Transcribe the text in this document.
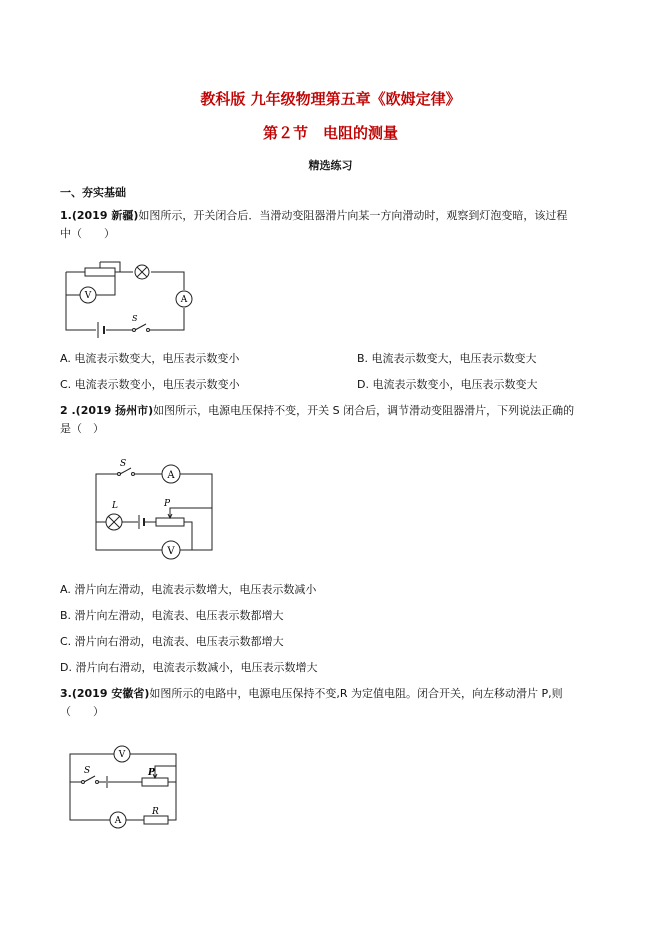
教科版 九年级物理第五章《欧姆定律》
第２节　电阻的测量
精选练习
一、夯实基础
1.(2019 新疆)如图所示，开关闭合后．当滑动变阻器滑片向某一方向滑动时，观察到灯泡变暗，该过程
中（　　）
A
V
S
A. 电流表示数变大，电压表示数变小	B. 电流表示数变大，电压表示数变大
C. 电流表示数变小，电压表示数变小	D. 电流表示数变小，电压表示数变大
2 .(2019 扬州市)如图所示，电源电压保持不变，开关 S 闭合后，调节滑动变阻器滑片，下列说法正确的
是（　）
A
V
S
L	P
A. 滑片向左滑动，电流表示数增大，电压表示数减小
B. 滑片向左滑动，电流表、电压表示数都增大
C. 滑片向右滑动，电流表、电压表示数都增大
D. 滑片向右滑动，电流表示数减小，电压表示数增大
3.(2019 安徽省)如图所示的电路中，电源电压保持不变,R 为定值电阻。闭合开关，向左移动滑片 P,则
（　　）
V
A
S	P
R
